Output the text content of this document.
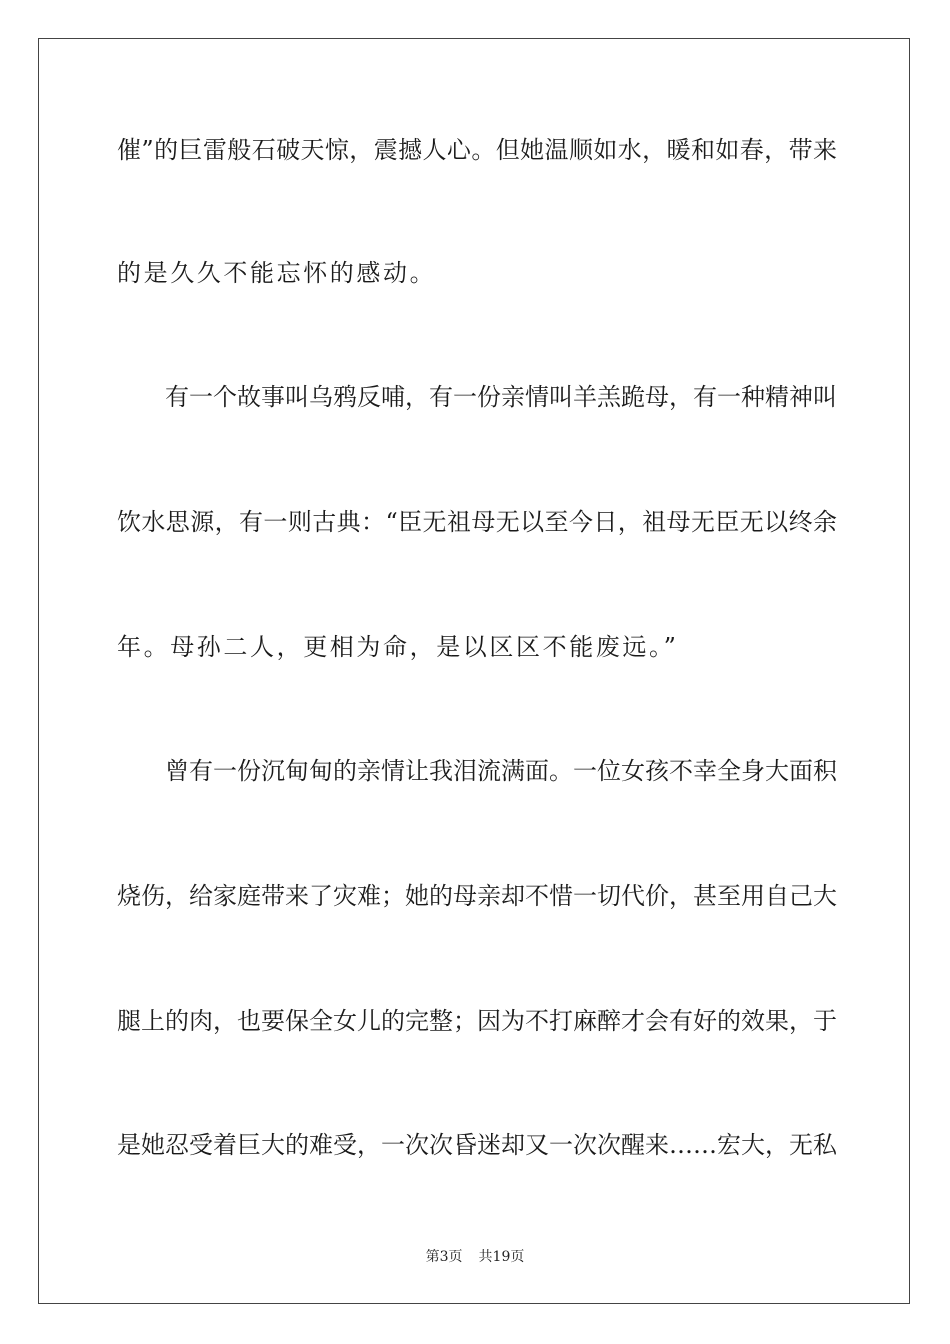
催”的巨雷般石破天惊，震撼人心。但她温顺如水，暖和如春，带来
的是久久不能忘怀的感动。
有一个故事叫乌鸦反哺，有一份亲情叫羊羔跪母，有一种精神叫
饮水思源，有一则古典：“臣无祖母无以至今日，祖母无臣无以终余
年。母孙二人，更相为命，是以区区不能废远。”
曾有一份沉甸甸的亲情让我泪流满面。一位女孩不幸全身大面积
烧伤，给家庭带来了灾难；她的母亲却不惜一切代价，甚至用自己大
腿上的肉，也要保全女儿的完整；因为不打麻醉才会有好的效果，于
是她忍受着巨大的难受，一次次昏迷却又一次次醒来……宏大，无私
第3页 共19页
